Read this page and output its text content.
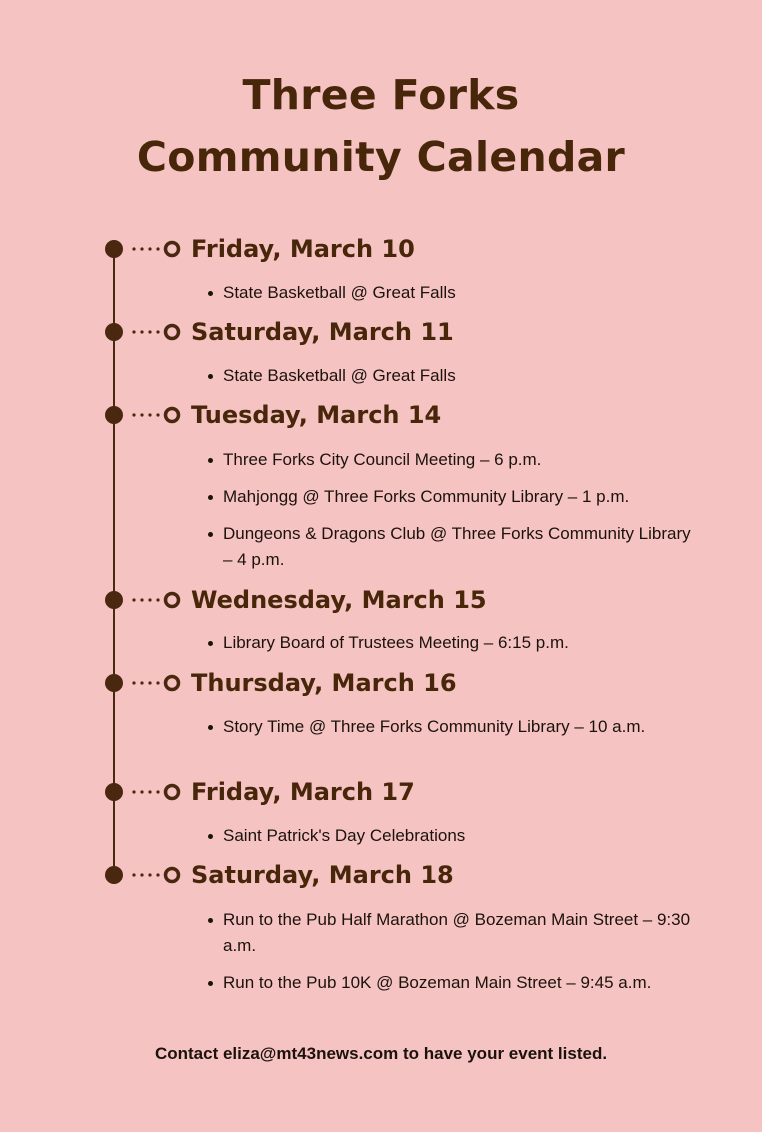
Three Forks
Community Calendar
Friday, March 10
State Basketball @ Great Falls
Saturday, March 11
State Basketball @ Great Falls
Tuesday, March 14
Three Forks City Council Meeting – 6 p.m.
Mahjongg @ Three Forks Community Library – 1 p.m.
Dungeons & Dragons Club @ Three Forks Community Library – 4 p.m.
Wednesday, March 15
Library Board of Trustees Meeting – 6:15 p.m.
Thursday, March 16
Story Time @ Three Forks Community Library – 10 a.m.
Friday, March 17
Saint Patrick's Day Celebrations
Saturday, March 18
Run to the Pub Half Marathon @ Bozeman Main Street – 9:30 a.m.
Run to the Pub 10K @ Bozeman Main Street – 9:45 a.m.
Contact eliza@mt43news.com to have your event listed.
